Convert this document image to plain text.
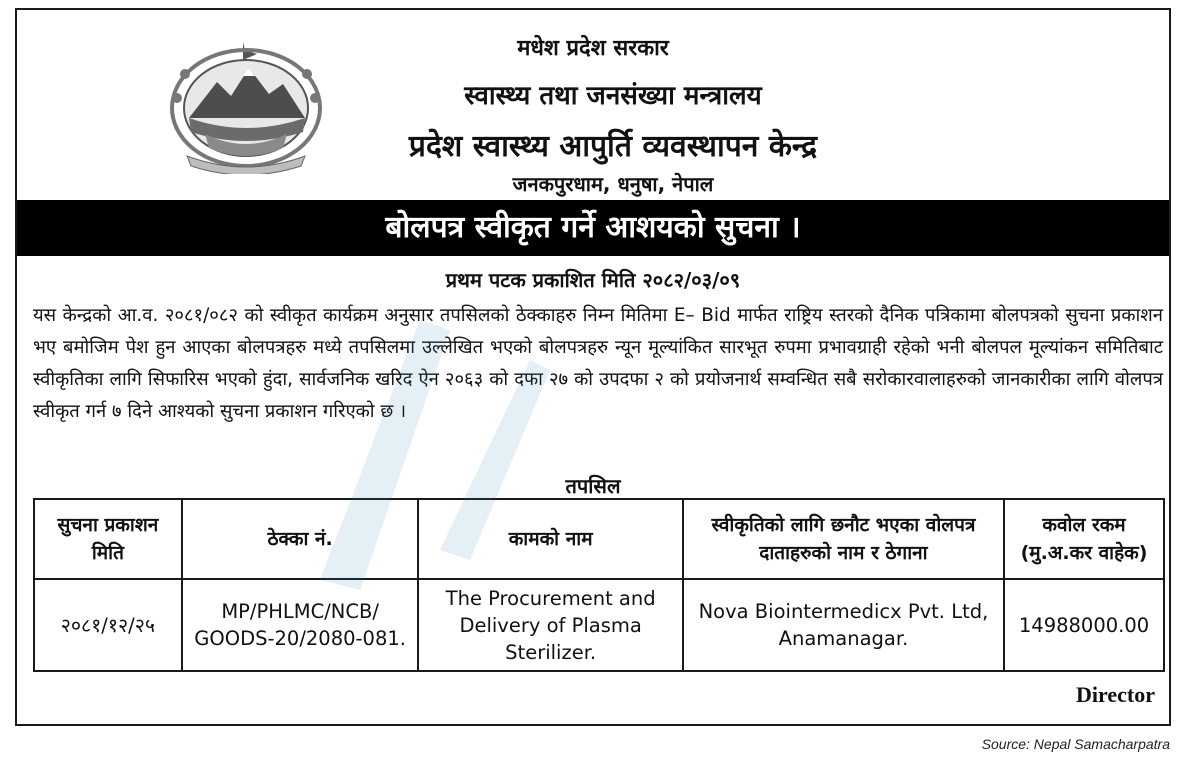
मधेश प्रदेश सरकार
स्वास्थ्य तथा जनसंख्या मन्त्रालय
प्रदेश स्वास्थ्य आपुर्ति व्यवस्थापन केन्द्र
जनकपुरधाम, धनुषा, नेपाल
बोलपत्र स्वीकृत गर्ने आशयको सुचना ।
प्रथम पटक प्रकाशित मिति २०८२/०३/०९

यस केन्द्रको आ.व. २०८१/०८२ को स्वीकृत कार्यक्रम अनुसार तपसिलको ठेक्काहरु निम्न मितिमा E– Bid मार्फत राष्ट्रिय स्तरको दैनिक पत्रिकामा बोलपत्रको सुचना प्रकाशन भए बमोजिम पेश हुन आएका बोलपत्रहरु मध्ये तपसिलमा उल्लेखित भएको बोलपत्रहरु न्यून मूल्यांकित सारभूत रुपमा प्रभावग्राही रहेको भनी बोलपल मूल्यांकन समितिबाट स्वीकृतिका लागि सिफारिस भएको हुंदा, सार्वजनिक खरिद ऐन २०६३ को दफा २७ को उपदफा २ को प्रयोजनार्थ सम्वन्धित सबै सरोकारवालाहरुको जानकारीका लागि वोलपत्र स्वीकृत गर्न ७ दिने आश्यको सुचना प्रकाशन गरिएको छ ।

तपसिल
सुचना प्रकाशन मिति	ठेक्का नं.	कामको नाम	स्वीकृतिको लागि छनौट भएका वोलपत्र दाताहरुको नाम र ठेगाना	कवोल रकम (मु.अ.कर वाहेक)
२०८१/१२/२५	MP/PHLMC/NCB/ GOODS-20/2080-081.	The Procurement and Delivery of Plasma Sterilizer.	Nova Biointermedicx Pvt. Ltd, Anamanagar.	14988000.00
Director
Source: Nepal Samacharpatra
